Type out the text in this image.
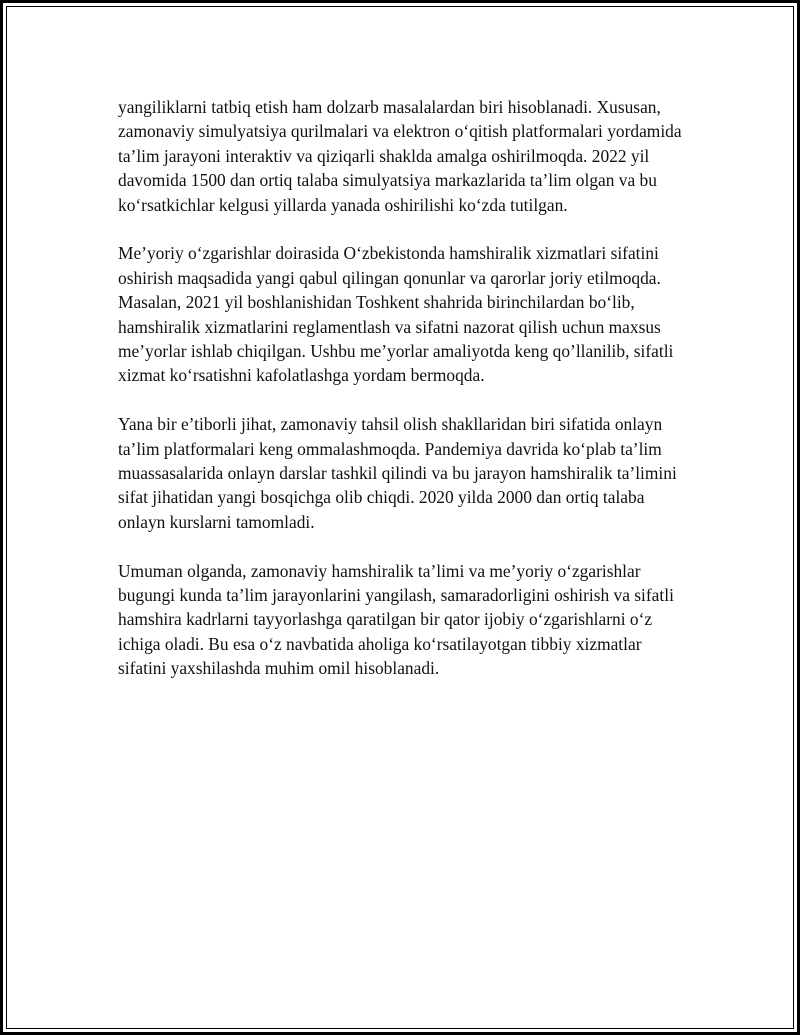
yangiliklarni tatbiq etish ham dolzarb masalalardan biri hisoblanadi. Xususan, zamonaviy simulyatsiya qurilmalari va elektron o‘qitish platformalari yordamida ta’lim jarayoni interaktiv va qiziqarli shaklda amalga oshirilmoqda. 2022 yil davomida 1500 dan ortiq talaba simulyatsiya markazlarida ta’lim olgan va bu ko‘rsatkichlar kelgusi yillarda yanada oshirilishi ko‘zda tutilgan.

Me’yoriy o‘zgarishlar doirasida O‘zbekistonda hamshiralik xizmatlari sifatini oshirish maqsadida yangi qabul qilingan qonunlar va qarorlar joriy etilmoqda. Masalan, 2021 yil boshlanishidan Toshkent shahrida birinchilardan bo‘lib, hamshiralik xizmatlarini reglamentlash va sifatni nazorat qilish uchun maxsus me’yorlar ishlab chiqilgan. Ushbu me’yorlar amaliyotda keng qo’llanilib, sifatli xizmat ko‘rsatishni kafolatlashga yordam bermoqda.

Yana bir e’tiborli jihat, zamonaviy tahsil olish shakllaridan biri sifatida onlayn ta’lim platformalari keng ommalashmoqda. Pandemiya davrida ko‘plab ta’lim muassasalarida onlayn darslar tashkil qilindi va bu jarayon hamshiralik ta’limini sifat jihatidan yangi bosqichga olib chiqdi. 2020 yilda 2000 dan ortiq talaba onlayn kurslarni tamomladi.

Umuman olganda, zamonaviy hamshiralik ta’limi va me’yoriy o‘zgarishlar bugungi kunda ta’lim jarayonlarini yangilash, samaradorligini oshirish va sifatli hamshira kadrlarni tayyorlashga qaratilgan bir qator ijobiy o‘zgarishlarni o‘z ichiga oladi. Bu esa o‘z navbatida aholiga ko‘rsatilayotgan tibbiy xizmatlar sifatini yaxshilashda muhim omil hisoblanadi.
